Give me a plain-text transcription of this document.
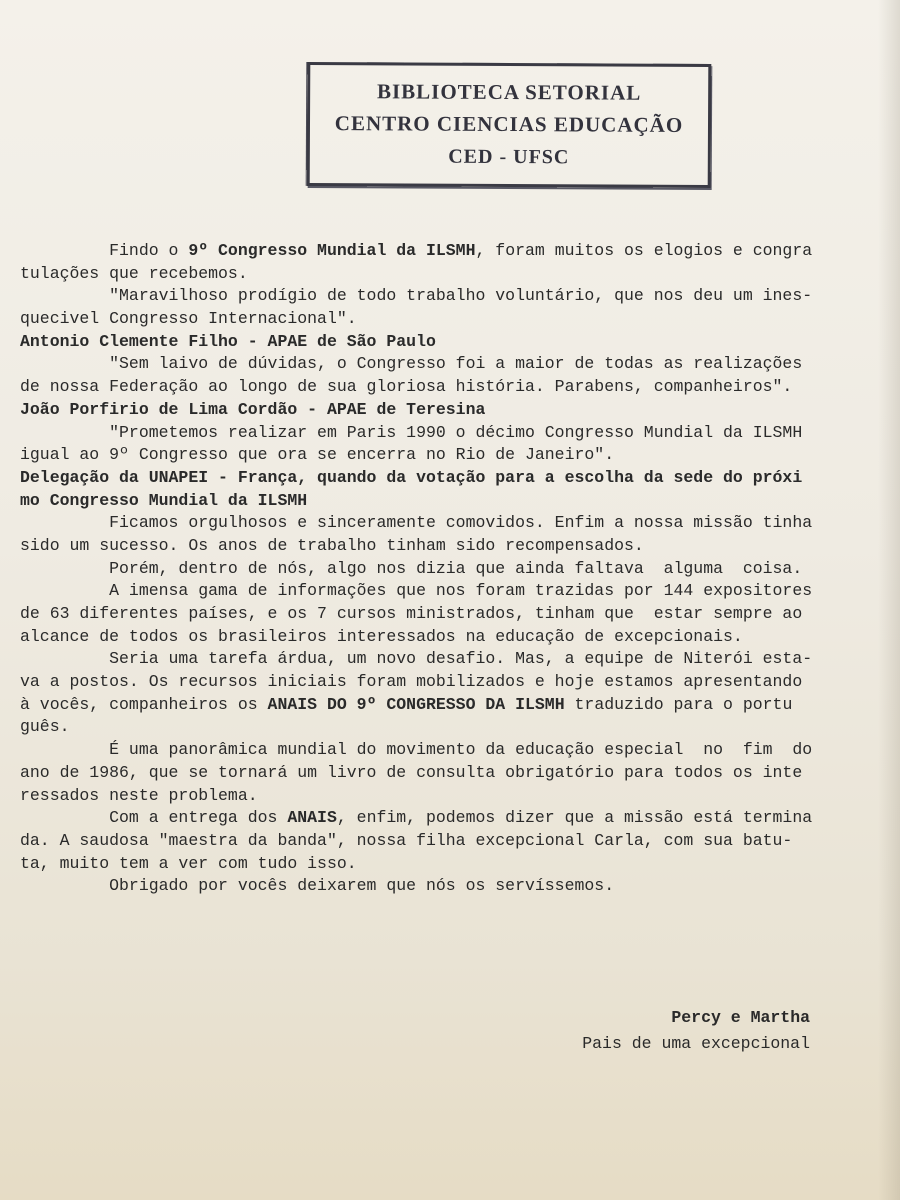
BIBLIOTECA SETORIAL
CENTRO CIENCIAS EDUCAÇÃO
CED - UFSC
Findo o 9º Congresso Mundial da ILSMH, foram muitos os elogios e congra
tulações que recebemos.
"Maravilhoso prodígio de todo trabalho voluntário, que nos deu um ines-
quecivel Congresso Internacional".
Antonio Clemente Filho - APAE de São Paulo
"Sem laivo de dúvidas, o Congresso foi a maior de todas as realizações
de nossa Federação ao longo de sua gloriosa história. Parabens, companheiros".
João Porfirio de Lima Cordão - APAE de Teresina
"Prometemos realizar em Paris 1990 o décimo Congresso Mundial da ILSMH
igual ao 9º Congresso que ora se encerra no Rio de Janeiro".
Delegação da UNAPEI - França, quando da votação para a escolha da sede do próxi
mo Congresso Mundial da ILSMH
Ficamos orgulhosos e sinceramente comovidos. Enfim a nossa missão tinha
sido um sucesso. Os anos de trabalho tinham sido recompensados.
Porém, dentro de nós, algo nos dizia que ainda faltava  alguma  coisa.
A imensa gama de informações que nos foram trazidas por 144 expositores
de 63 diferentes países, e os 7 cursos ministrados, tinham que  estar sempre ao
alcance de todos os brasileiros interessados na educação de excepcionais.
Seria uma tarefa árdua, um novo desafio. Mas, a equipe de Niterói esta-
va a postos. Os recursos iniciais foram mobilizados e hoje estamos apresentando
à vocês, companheiros os ANAIS DO 9º CONGRESSO DA ILSMH traduzido para o portu
guês.
É uma panorâmica mundial do movimento da educação especial  no  fim  do
ano de 1986, que se tornará um livro de consulta obrigatório para todos os inte
ressados neste problema.
Com a entrega dos ANAIS, enfim, podemos dizer que a missão está termina
da. A saudosa "maestra da banda", nossa filha excepcional Carla, com sua batu-
ta, muito tem a ver com tudo isso.
Obrigado por vocês deixarem que nós os servíssemos.
Percy e Martha
Pais de uma excepcional
